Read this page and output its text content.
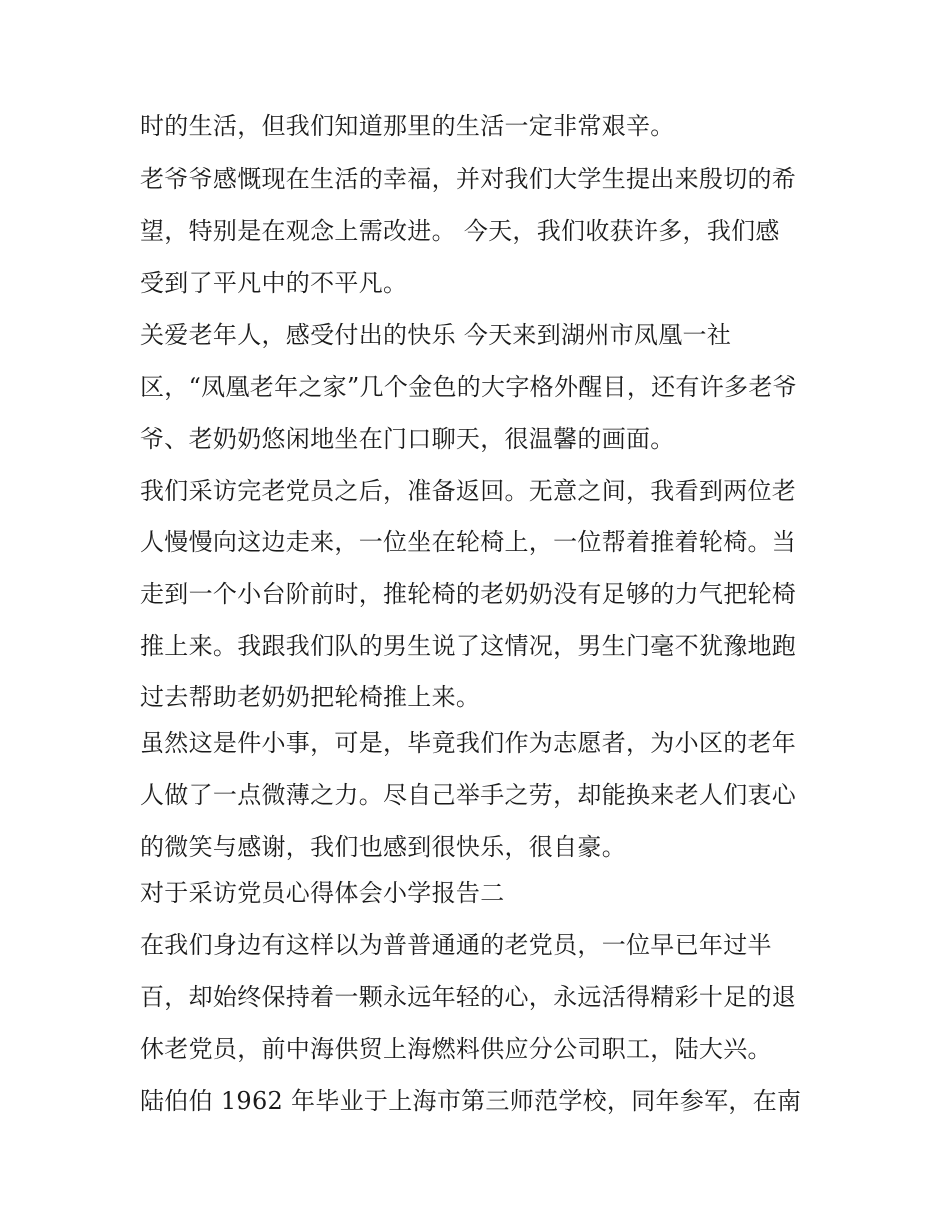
时的生活，但我们知道那里的生活一定非常艰辛。
老爷爷感慨现在生活的幸福，并对我们大学生提出来殷切的希
望，特别是在观念上需改进。 今天，我们收获许多，我们感
受到了平凡中的不平凡。
关爱老年人，感受付出的快乐 今天来到湖州市凤凰一社
区，“凤凰老年之家”几个金色的大字格外醒目，还有许多老爷
爷、老奶奶悠闲地坐在门口聊天，很温馨的画面。
我们采访完老党员之后，准备返回。无意之间，我看到两位老
人慢慢向这边走来，一位坐在轮椅上，一位帮着推着轮椅。当
走到一个小台阶前时，推轮椅的老奶奶没有足够的力气把轮椅
推上来。我跟我们队的男生说了这情况，男生门毫不犹豫地跑
过去帮助老奶奶把轮椅推上来。
虽然这是件小事，可是，毕竟我们作为志愿者，为小区的老年
人做了一点微薄之力。尽自己举手之劳，却能换来老人们衷心
的微笑与感谢，我们也感到很快乐，很自豪。
对于采访党员心得体会小学报告二
在我们身边有这样以为普普通通的老党员，一位早已年过半
百，却始终保持着一颗永远年轻的心，永远活得精彩十足的退
休老党员，前中海供贸上海燃料供应分公司职工，陆大兴。
陆伯伯 1962 年毕业于上海市第三师范学校，同年参军，在南
